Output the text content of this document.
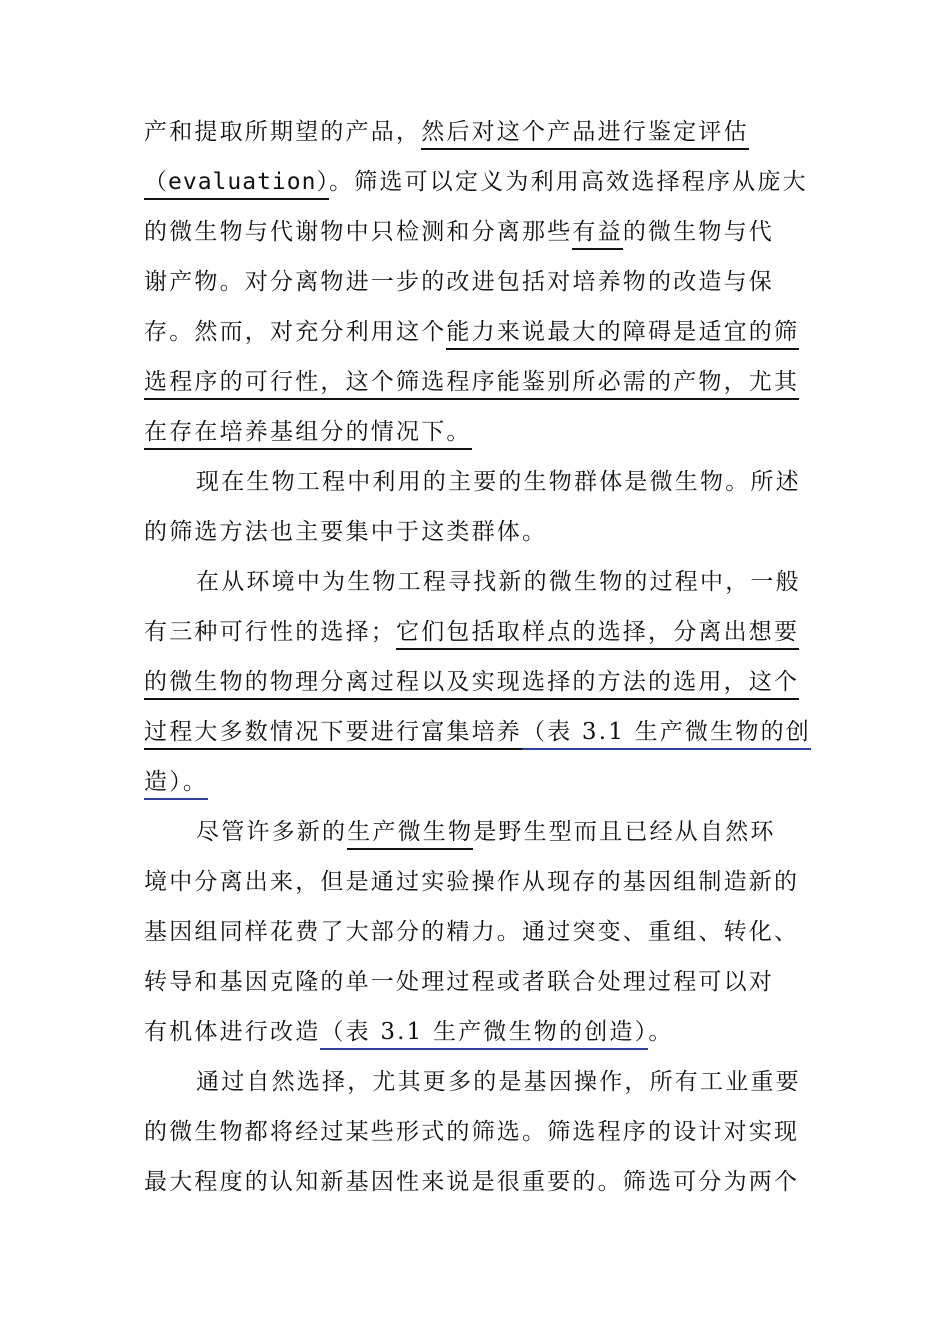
产和提取所期望的产品，然后对这个产品进行鉴定评估
（evaluation）。筛选可以定义为利用高效选择程序从庞大
的微生物与代谢物中只检测和分离那些有益的微生物与代
谢产物。对分离物进一步的改进包括对培养物的改造与保
存。然而，对充分利用这个能力来说最大的障碍是适宜的筛
选程序的可行性，这个筛选程序能鉴别所必需的产物，尤其
在存在培养基组分的情况下。
现在生物工程中利用的主要的生物群体是微生物。所述
的筛选方法也主要集中于这类群体。
在从环境中为生物工程寻找新的微生物的过程中，一般
有三种可行性的选择；它们包括取样点的选择，分离出想要
的微生物的物理分离过程以及实现选择的方法的选用，这个
过程大多数情况下要进行富集培养（表 3.1 生产微生物的创
造）。
尽管许多新的生产微生物是野生型而且已经从自然环
境中分离出来，但是通过实验操作从现存的基因组制造新的
基因组同样花费了大部分的精力。通过突变、重组、转化、
转导和基因克隆的单一处理过程或者联合处理过程可以对
有机体进行改造（表 3.1 生产微生物的创造）。
通过自然选择，尤其更多的是基因操作，所有工业重要
的微生物都将经过某些形式的筛选。筛选程序的设计对实现
最大程度的认知新基因性来说是很重要的。筛选可分为两个
